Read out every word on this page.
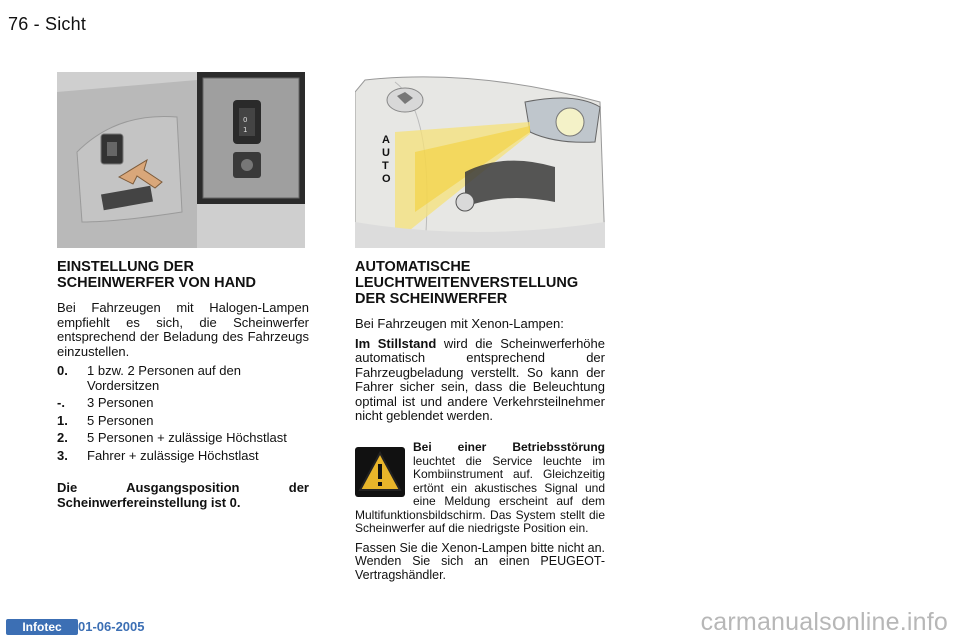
76 - Sicht
0
1
AUTO
EINSTELLUNG DER SCHEINWERFER VON HAND

Bei Fahrzeugen mit Halogen-Lampen empfiehlt es sich, die Scheinwerfer entsprechend der Beladung des Fahrzeugs einzustellen.

0.	1 bzw. 2 Personen auf den Vordersitzen
-.	3 Personen
1.	5 Personen
2.	5 Personen + zulässige Höchstlast
3.	Fahrer + zulässige Höchstlast

Die Ausgangsposition der Scheinwerfereinstellung ist 0.

AUTOMATISCHE LEUCHTWEITENVERSTELLUNG DER SCHEINWERFER

Bei Fahrzeugen mit Xenon-Lampen:

Im Stillstand wird die Scheinwerferhöhe automatisch entsprechend der Fahrzeugbeladung verstellt. So kann der Fahrer sicher sein, dass die Beleuchtung optimal ist und andere Verkehrsteilnehmer nicht geblendet werden.

Bei einer Betriebsstörung leuchtet die Service leuchte im Kombiinstrument auf. Gleichzeitig ertönt ein akustisches Signal und eine Meldung erscheint auf dem Multifunktionsbildschirm. Das System stellt die Scheinwerfer auf die niedrigste Position ein.

Fassen Sie die Xenon-Lampen bitte nicht an. Wenden Sie sich an einen PEUGEOT-Vertragshändler.

Infotec	01-06-2005	carmanualsonline.info
